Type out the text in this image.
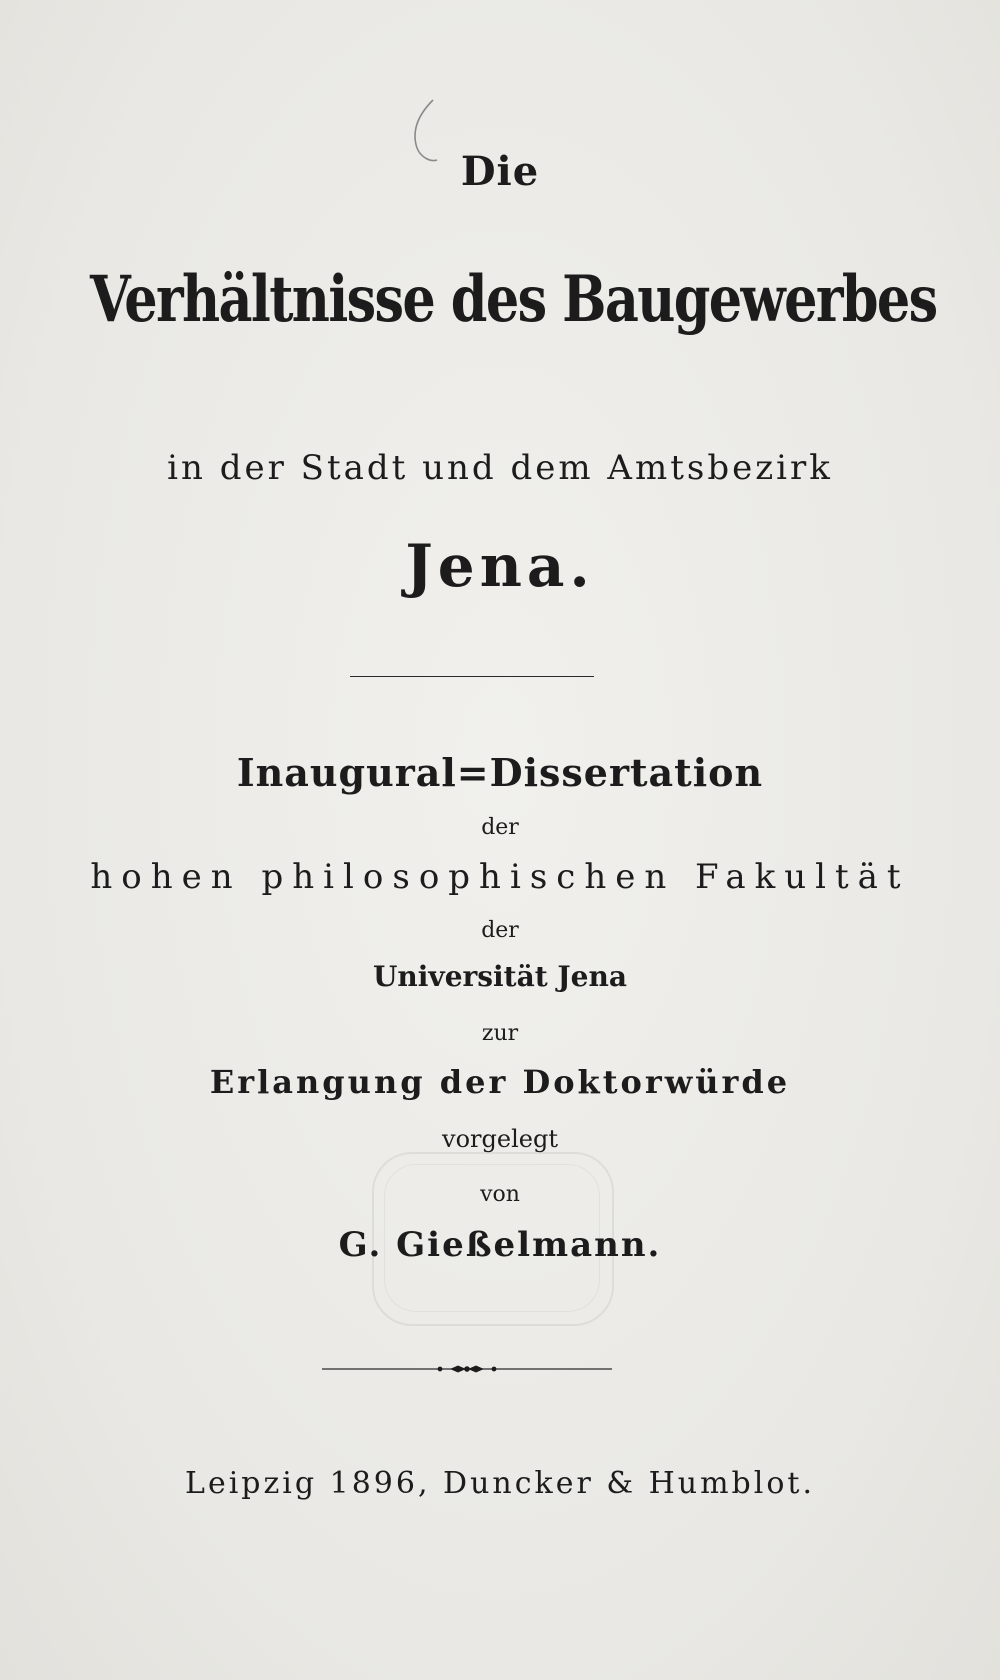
Die

Verhältnisse des Baugewerbes

in der Stadt und dem Amtsbezirk

Jena.

Inaugural=Dissertation

der

hohen philosophischen Fakultät

der

Universität Jena

zur

Erlangung der Doktorwürde

vorgelegt

von

G. Gießelmann.

Leipzig 1896, Duncker & Humblot.
